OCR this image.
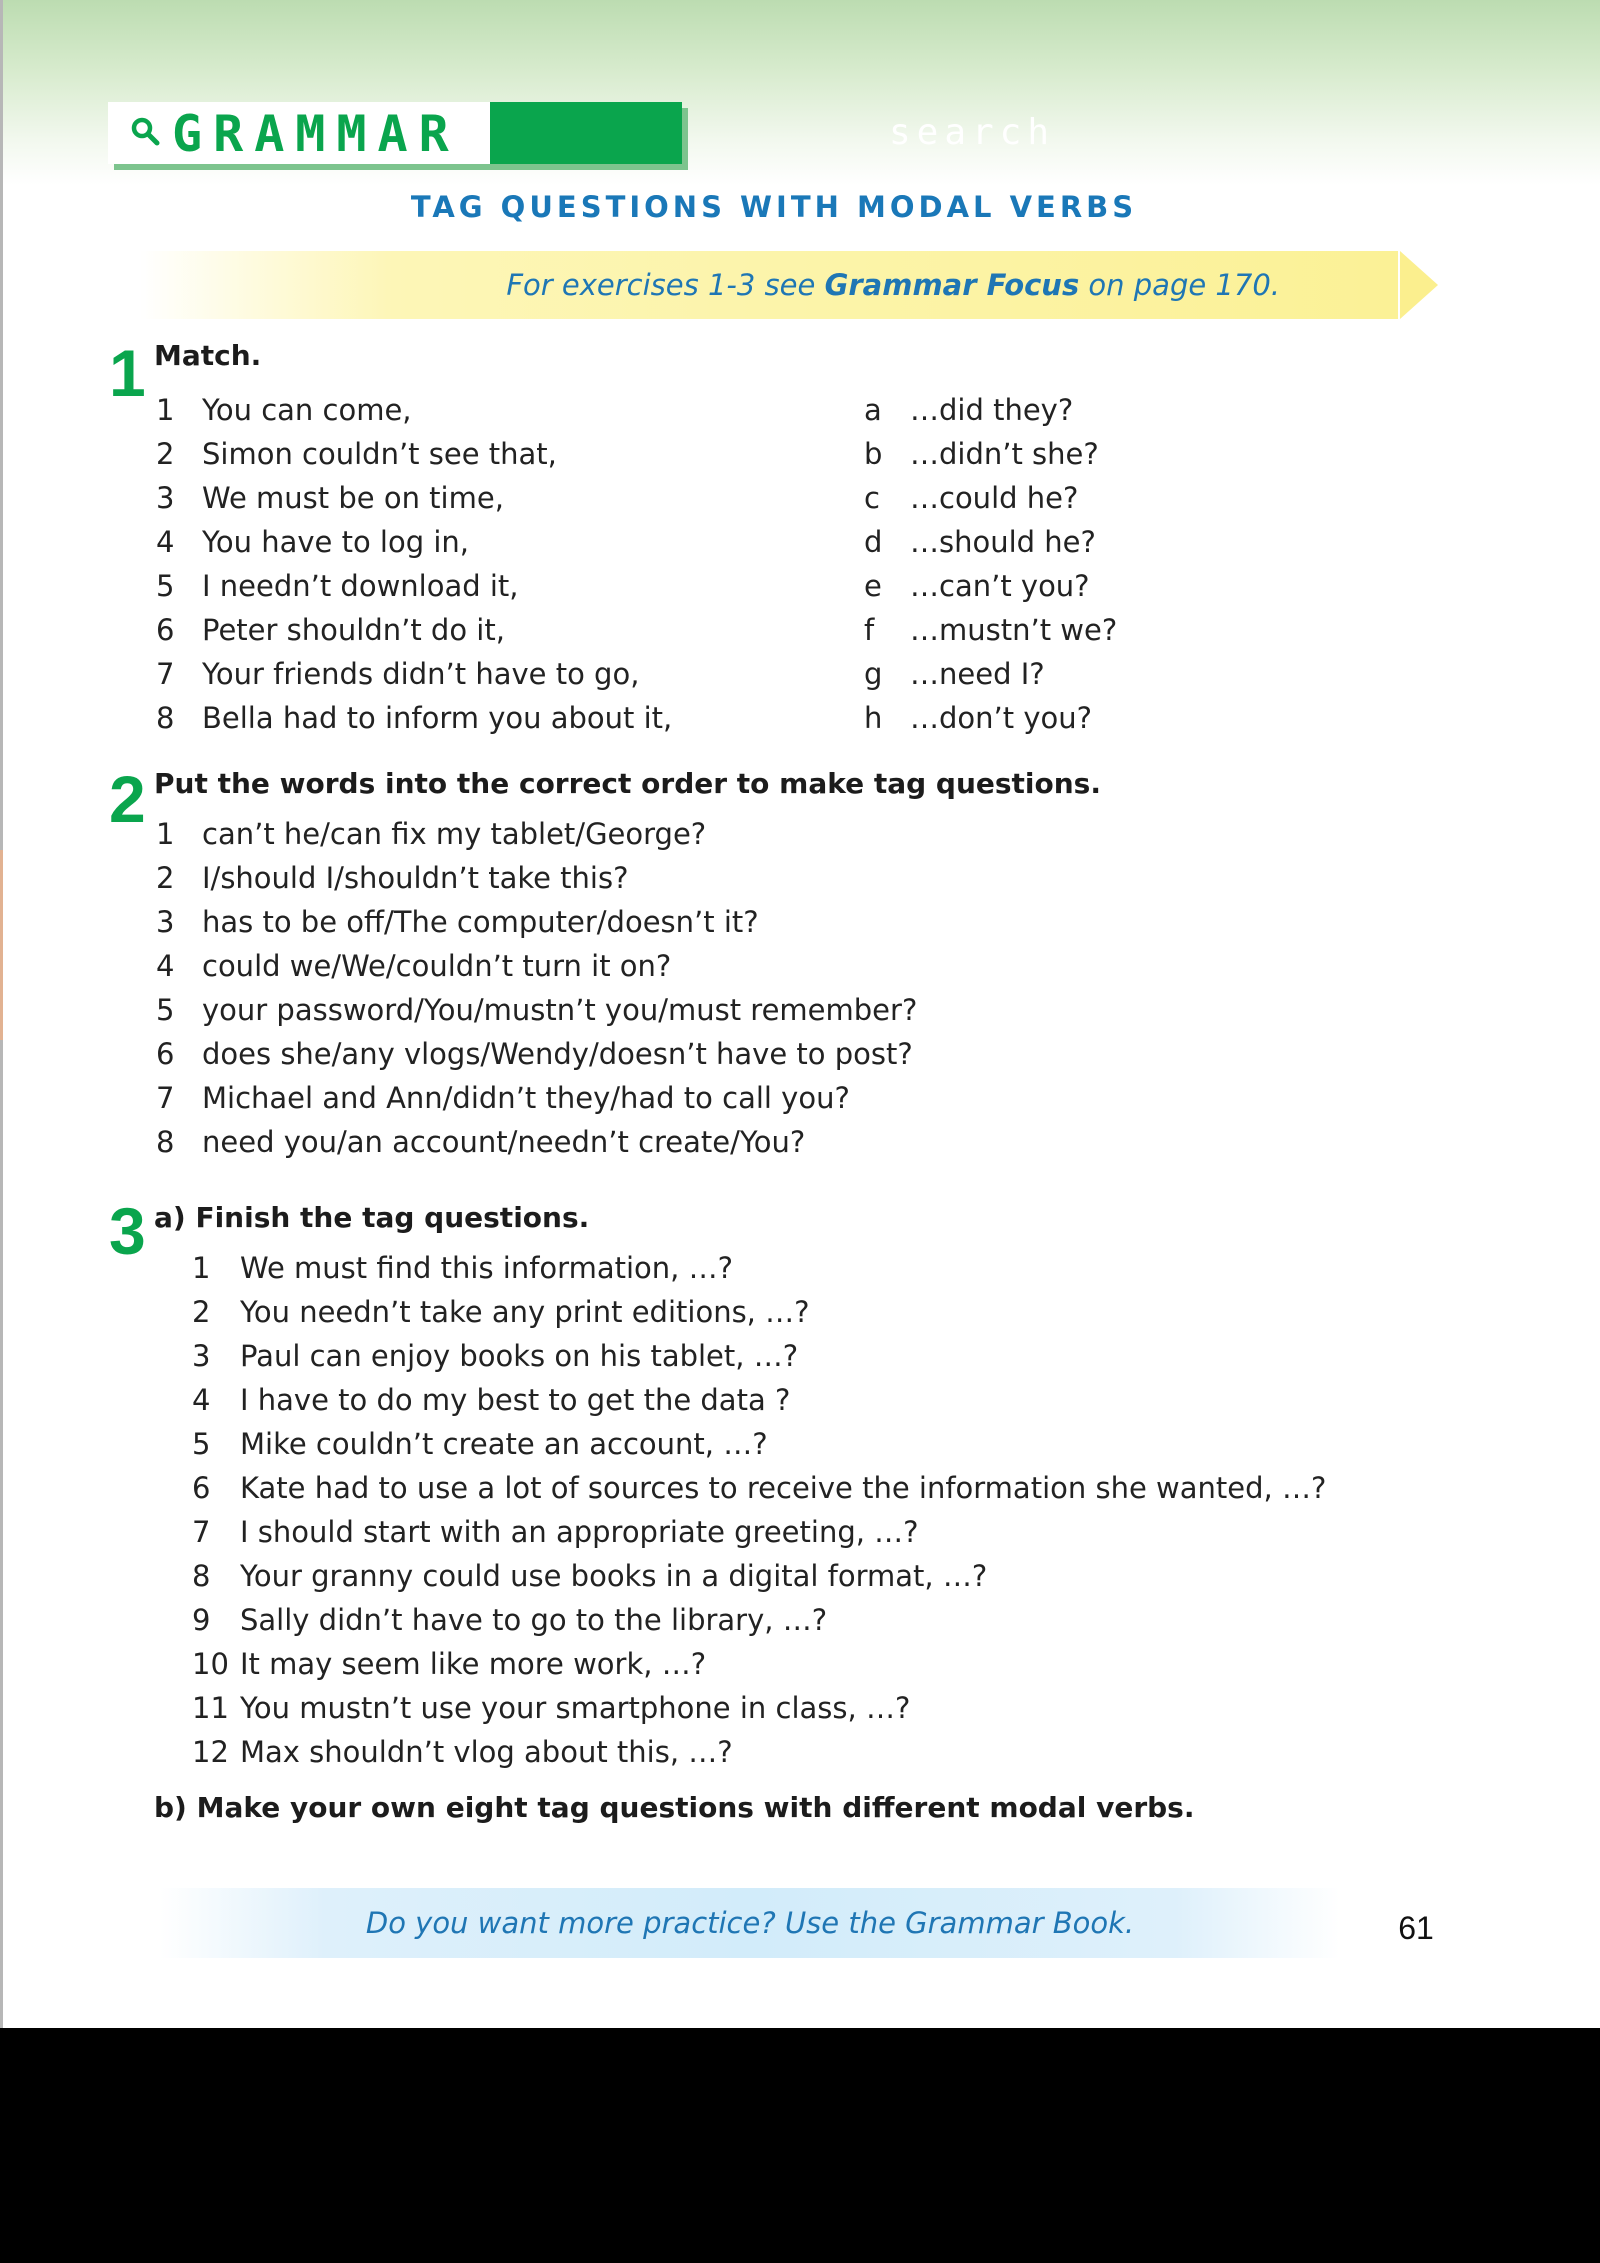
GRAMMAR	search
TAG QUESTIONS WITH MODAL VERBS
For exercises 1-3 see Grammar Focus on page 170.
1 Match.
1 You can come,
2 Simon couldn’t see that,
3 We must be on time,
4 You have to log in,
5 I needn’t download it,
6 Peter shouldn’t do it,
7 Your friends didn’t have to go,
8 Bella had to inform you about it,
a …did they?
b …didn’t she?
c …could he?
d …should he?
e …can’t you?
f …mustn’t we?
g …need I?
h …don’t you?
2 Put the words into the correct order to make tag questions.
1 can’t he/can fix my tablet/George?
2 I/should I/shouldn’t take this?
3 has to be off/The computer/doesn’t it?
4 could we/We/couldn’t turn it on?
5 your password/You/mustn’t you/must remember?
6 does she/any vlogs/Wendy/doesn’t have to post?
7 Michael and Ann/didn’t they/had to call you?
8 need you/an account/needn’t create/You?
3 a) Finish the tag questions.
1 We must find this information, …?
2 You needn’t take any print editions, …?
3 Paul can enjoy books on his tablet, …?
4 I have to do my best to get the data ?
5 Mike couldn’t create an account, …?
6 Kate had to use a lot of sources to receive the information she wanted, …?
7 I should start with an appropriate greeting, …?
8 Your granny could use books in a digital format, …?
9 Sally didn’t have to go to the library, …?
10 It may seem like more work, …?
11 You mustn’t use your smartphone in class, …?
12 Max shouldn’t vlog about this, …?
b) Make your own eight tag questions with different modal verbs.
Do you want more practice? Use the Grammar Book.	61
